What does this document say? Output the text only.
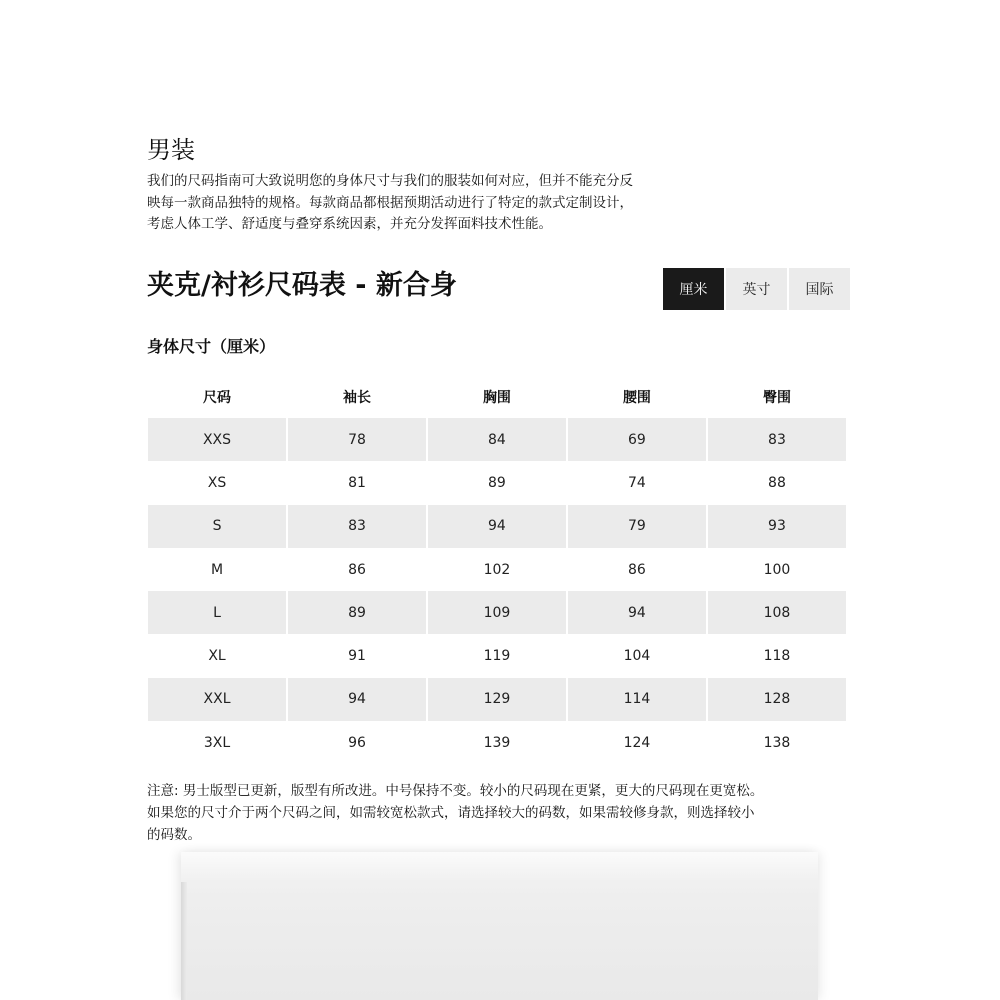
男装

我们的尺码指南可大致说明您的身体尺寸与我们的服装如何对应，但并不能充分反
映每一款商品独特的规格。每款商品都根据预期活动进行了特定的款式定制设计，
考虑人体工学、舒适度与叠穿系统因素，并充分发挥面料技术性能。

夹克/衬衫尺码表 - 新合身	厘米	英寸	国际
身体尺寸（厘米）
尺码	袖长	胸围	腰围	臀围
XXS	78	84	69	83
XS	81	89	74	88
S	83	94	79	93
M	86	102	86	100
L	89	109	94	108
XL	91	119	104	118
XXL	94	129	114	128
3XL	96	139	124	138

注意: 男士版型已更新，版型有所改进。中号保持不变。较小的尺码现在更紧，更大的尺码现在更宽松。
如果您的尺寸介于两个尺码之间，如需较宽松款式，请选择较大的码数，如果需较修身款，则选择较小
的码数。
